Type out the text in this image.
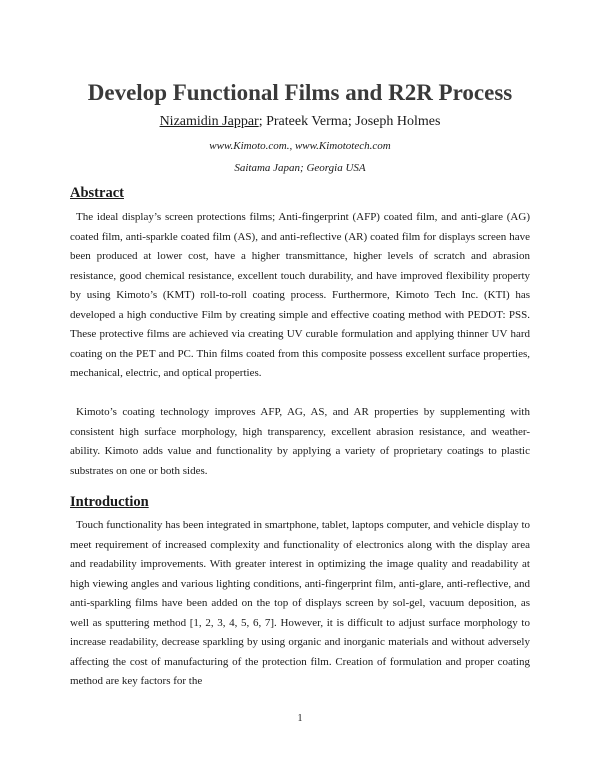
Develop Functional Films and R2R Process
Nizamidin Jappar; Prateek Verma; Joseph Holmes
www.Kimoto.com., www.Kimototech.com
Saitama Japan; Georgia USA
Abstract

The ideal display’s screen protections films; Anti-fingerprint (AFP) coated film, and anti-glare (AG) coated film, anti-sparkle coated film (AS), and anti-reflective (AR) coated film for displays screen have been produced at lower cost, have a higher transmittance, higher levels of scratch and abrasion resistance, good chemical resistance, excellent touch durability, and have improved flexibility property by using Kimoto’s (KMT) roll-to-roll coating process. Furthermore, Kimoto Tech Inc. (KTI) has developed a high conductive Film by creating simple and effective coating method with PEDOT: PSS. These protective films are achieved via creating UV curable formulation and applying thinner UV hard coating on the PET and PC. Thin films coated from this composite possess excellent surface properties, mechanical, electric, and optical properties.

Kimoto’s coating technology improves AFP, AG, AS, and AR properties by supplementing with consistent high surface morphology, high transparency, excellent abrasion resistance, and weather-ability. Kimoto adds value and functionality by applying a variety of proprietary coatings to plastic substrates on one or both sides.

Introduction

Touch functionality has been integrated in smartphone, tablet, laptops computer, and vehicle display to meet requirement of increased complexity and functionality of electronics along with the display area and readability improvements. With greater interest in optimizing the image quality and readability at high viewing angles and various lighting conditions, anti-fingerprint film, anti-glare, anti-reflective, and anti-sparkling films have been added on the top of displays screen by sol-gel, vacuum deposition, as well as sputtering method [1, 2, 3, 4, 5, 6, 7]. However, it is difficult to adjust surface morphology to increase readability, decrease sparkling by using organic and inorganic materials and without adversely affecting the cost of manufacturing of the protection film. Creation of formulation and proper coating method are key factors for the

1
